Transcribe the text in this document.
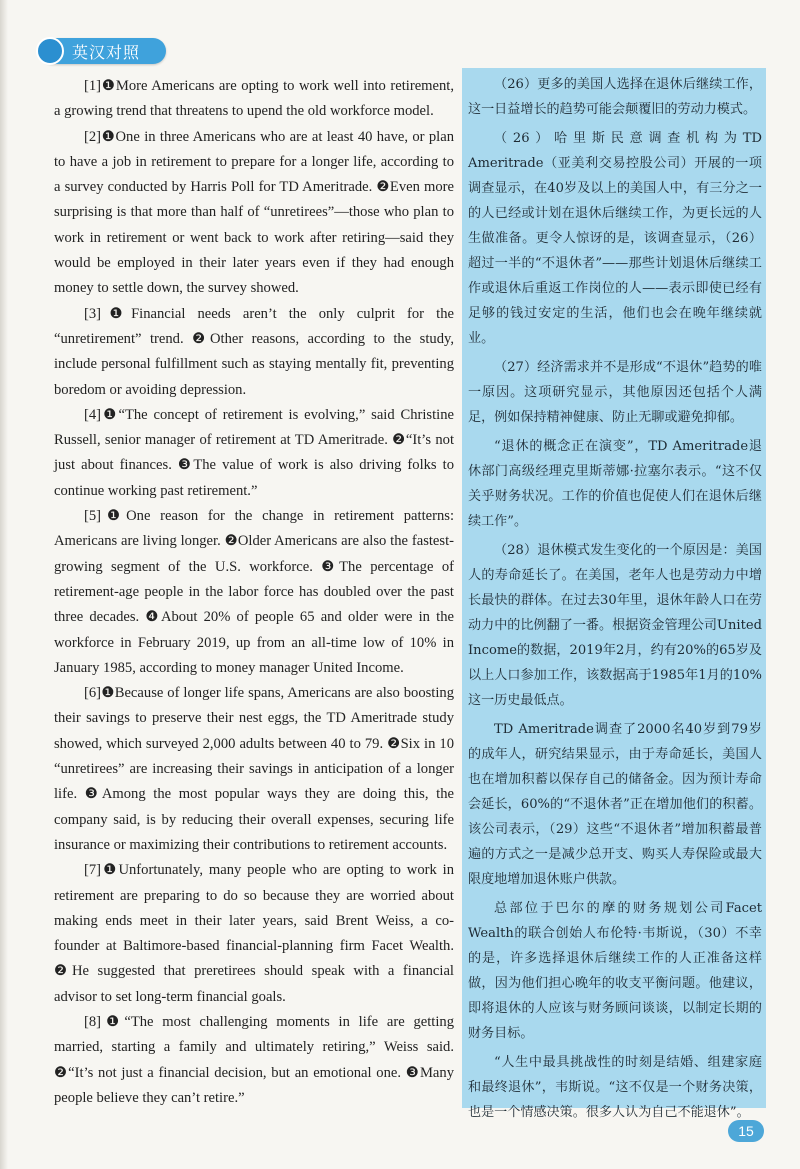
英汉对照

[1]❶More Americans are opting to work well into retirement, a growing trend that threatens to upend the old workforce model.

[2]❶One in three Americans who are at least 40 have, or plan to have a job in retirement to prepare for a longer life, according to a survey conducted by Harris Poll for TD Ameritrade. ❷Even more surprising is that more than half of “unretirees”—those who plan to work in retirement or went back to work after retiring—said they would be employed in their later years even if they had enough money to settle down, the survey showed.

[3]❶Financial needs aren’t the only culprit for the “unretirement” trend. ❷Other reasons, according to the study, include personal fulfillment such as staying mentally fit, preventing boredom or avoiding depression.

[4]❶“The concept of retirement is evolving,” said Christine Russell, senior manager of retirement at TD Ameritrade. ❷“It’s not just about finances. ❸The value of work is also driving folks to continue working past retirement.”

[5]❶One reason for the change in retirement patterns: Americans are living longer. ❷Older Americans are also the fastest-growing segment of the U.S. workforce. ❸The percentage of retirement-age people in the labor force has doubled over the past three decades. ❹About 20% of people 65 and older were in the workforce in February 2019, up from an all-time low of 10% in January 1985, according to money manager United Income.

[6]❶Because of longer life spans, Americans are also boosting their savings to preserve their nest eggs, the TD Ameritrade study showed, which surveyed 2,000 adults between 40 to 79. ❷Six in 10 “unretirees” are increasing their savings in anticipation of a longer life. ❸Among the most popular ways they are doing this, the company said, is by reducing their overall expenses, securing life insurance or maximizing their contributions to retirement accounts.

[7]❶Unfortunately, many people who are opting to work in retirement are preparing to do so because they are worried about making ends meet in their later years, said Brent Weiss, a co-founder at Baltimore-based financial-planning firm Facet Wealth. ❷He suggested that preretirees should speak with a financial advisor to set long-term financial goals.

[8]❶“The most challenging moments in life are getting married, starting a family and ultimately retiring,” Weiss said. ❷“It’s not just a financial decision, but an emotional one. ❸Many people believe they can’t retire.”

（26）更多的美国人选择在退休后继续工作，这一日益增长的趋势可能会颠覆旧的劳动力模式。

（26）哈里斯民意调查机构为TD Ameritrade（亚美利交易控股公司）开展的一项调查显示，在40岁及以上的美国人中，有三分之一的人已经或计划在退休后继续工作，为更长远的人生做准备。更令人惊讶的是，该调查显示，（26）超过一半的“不退休者”——那些计划退休后继续工作或退休后重返工作岗位的人——表示即使已经有足够的钱过安定的生活，他们也会在晚年继续就业。

（27）经济需求并不是形成“不退休”趋势的唯一原因。这项研究显示，其他原因还包括个人满足，例如保持精神健康、防止无聊或避免抑郁。

“退休的概念正在演变”，TD Ameritrade退休部门高级经理克里斯蒂娜·拉塞尔表示。“这不仅关乎财务状况。工作的价值也促使人们在退休后继续工作”。

（28）退休模式发生变化的一个原因是：美国人的寿命延长了。在美国，老年人也是劳动力中增长最快的群体。在过去30年里，退休年龄人口在劳动力中的比例翻了一番。根据资金管理公司United Income的数据，2019年2月，约有20%的65岁及以上人口参加工作，该数据高于1985年1月的10%这一历史最低点。

TD Ameritrade调查了2000名40岁到79岁的成年人，研究结果显示，由于寿命延长，美国人也在增加积蓄以保存自己的储备金。因为预计寿命会延长，60%的“不退休者”正在增加他们的积蓄。该公司表示，（29）这些“不退休者”增加积蓄最普遍的方式之一是减少总开支、购买人寿保险或最大限度地增加退休账户供款。

总部位于巴尔的摩的财务规划公司Facet Wealth的联合创始人布伦特·韦斯说，（30）不幸的是，许多选择退休后继续工作的人正准备这样做，因为他们担心晚年的收支平衡问题。他建议，即将退休的人应该与财务顾问谈谈，以制定长期的财务目标。

“人生中最具挑战性的时刻是结婚、组建家庭和最终退休”，韦斯说。“这不仅是一个财务决策，也是一个情感决策。很多人认为自己不能退休”。

15
